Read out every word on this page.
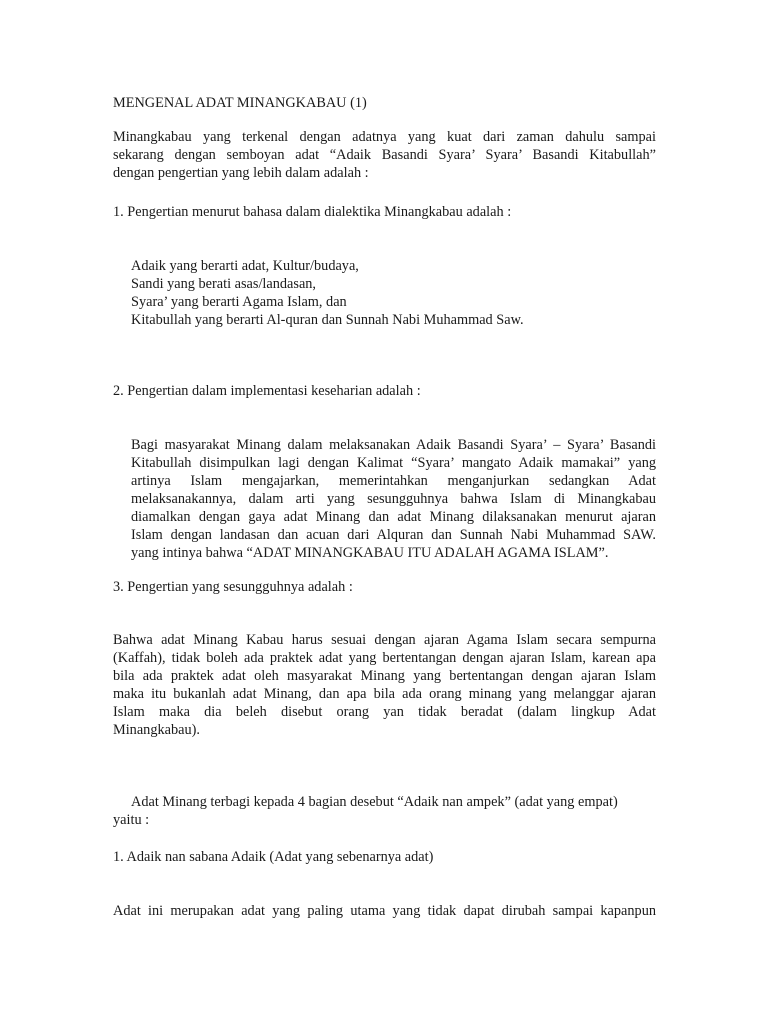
MENGENAL ADAT MINANGKABAU (1)

Minangkabau yang terkenal dengan adatnya yang kuat dari zaman dahulu sampai
sekarang dengan semboyan adat “Adaik Basandi Syara’ Syara’ Basandi Kitabullah”
dengan pengertian yang lebih dalam adalah :

1. Pengertian menurut bahasa dalam dialektika Minangkabau adalah :

Adaik yang berarti adat, Kultur/budaya,
Sandi yang berati asas/landasan,
Syara’ yang berarti Agama Islam, dan
Kitabullah yang berarti Al-quran dan Sunnah Nabi Muhammad Saw.

2. Pengertian dalam implementasi keseharian adalah :

Bagi masyarakat Minang dalam melaksanakan Adaik Basandi Syara’ – Syara’ Basandi
Kitabullah disimpulkan lagi dengan Kalimat “Syara’ mangato Adaik mamakai” yang
artinya Islam mengajarkan, memerintahkan menganjurkan sedangkan Adat
melaksanakannya, dalam arti yang sesungguhnya bahwa Islam di Minangkabau
diamalkan dengan gaya adat Minang dan adat Minang dilaksanakan menurut ajaran
Islam dengan landasan dan acuan dari Alquran dan Sunnah Nabi Muhammad SAW.
yang intinya bahwa “ADAT MINANGKABAU ITU ADALAH AGAMA ISLAM”.

3. Pengertian yang sesungguhnya adalah :

Bahwa adat Minang Kabau harus sesuai dengan ajaran Agama Islam secara sempurna
(Kaffah), tidak boleh ada praktek adat yang bertentangan dengan ajaran Islam, karean apa
bila ada praktek adat oleh masyarakat Minang yang bertentangan dengan ajaran Islam
maka itu bukanlah adat Minang, dan apa bila ada orang minang yang melanggar ajaran
Islam maka dia beleh disebut orang yan tidak beradat (dalam lingkup Adat
Minangkabau).
Adat Minang terbagi kepada 4 bagian desebut “Adaik nan ampek” (adat yang empat)
yaitu :

1. Adaik nan sabana Adaik (Adat yang sebenarnya adat)

Adat ini merupakan adat yang paling utama yang tidak dapat dirubah sampai kapanpun
